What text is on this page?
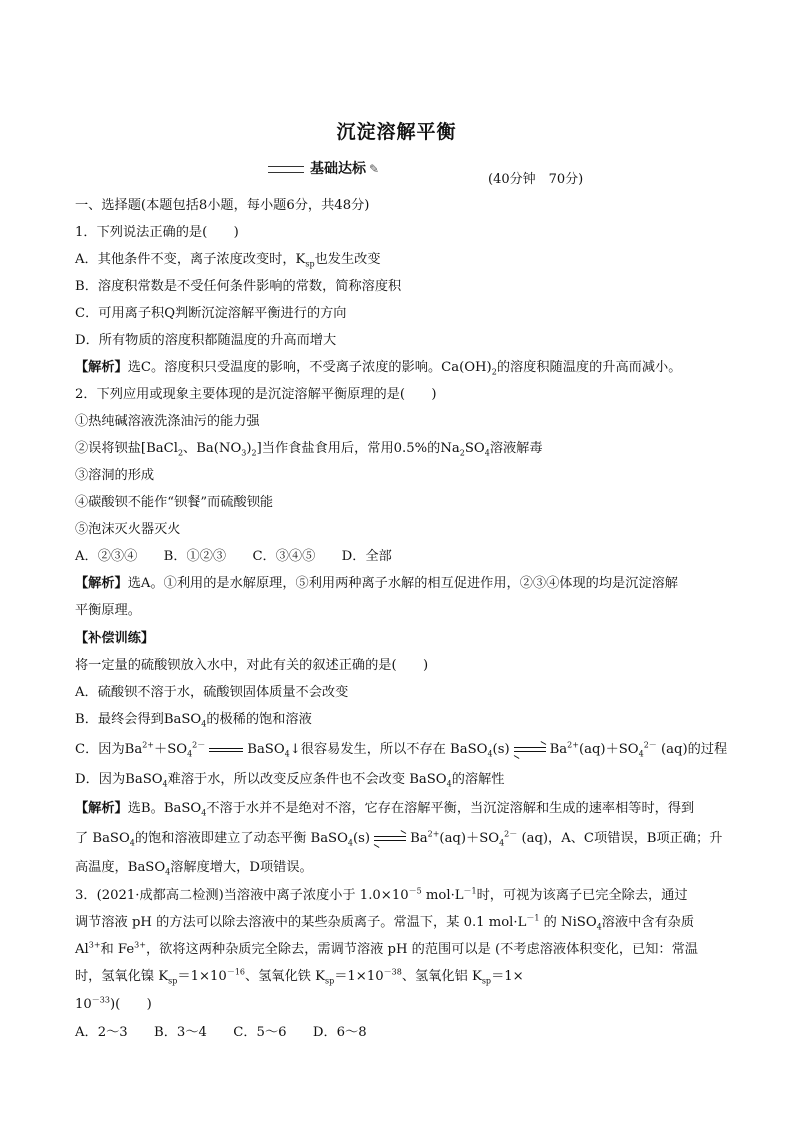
沉淀溶解平衡
基础达标 ✎
(40分钟　70分)
一、选择题(本题包括8小题，每小题6分，共48分)
1．下列说法正确的是(　　)
A．其他条件不变，离子浓度改变时，$K_{sp}$也发生改变
B．溶度积常数是不受任何条件影响的常数，简称溶度积
C．可用离子积Q判断沉淀溶解平衡进行的方向
D．所有物质的溶度积都随温度的升高而增大
【解析】选C。溶度积只受温度的影响，不受离子浓度的影响。$Ca(OH)_2$的溶度积随温度的升高而减小。
2．下列应用或现象主要体现的是沉淀溶解平衡原理的是(　　)
①热纯碱溶液洗涤油污的能力强
②误将钡盐[BaCl$_2$、$Ba(NO_3)_2$]当作食盐食用后，常用0.5%的$Na_2SO_4$溶液解毒
③溶洞的形成
④碳酸钡不能作“钡餐”而硫酸钡能
⑤泡沫灭火器灭火
A．②③④　　B．①②③　　C．③④⑤　　D．全部
【解析】选A。①利用的是水解原理，⑤利用两种离子水解的相互促进作用，②③④体现的均是沉淀溶解
平衡原理。
【补偿训练】
将一定量的硫酸钡放入水中，对此有关的叙述正确的是(　　)
A．硫酸钡不溶于水，硫酸钡固体质量不会改变
B．最终会得到BaSO$_4$的极稀的饱和溶液
C．因为$Ba^{2+}+SO_4^{2-}$	BaSO$_4$↓很容易发生，所以不存在 BaSO$_4$(s)	$Ba^{2+}(aq)+SO_4^{2-}$ (aq)的过程
D．因为BaSO$_4$难溶于水，所以改变反应条件也不会改变 BaSO$_4$的溶解性
【解析】选B。BaSO$_4$不溶于水并不是绝对不溶，它存在溶解平衡，当沉淀溶解和生成的速率相等时，得到
了 BaSO$_4$的饱和溶液即建立了动态平衡 BaSO$_4$(s)	$Ba^{2+}(aq)+SO_4^{2-}$ (aq)，A、C项错误，B项正确；升
高温度，BaSO$_4$溶解度增大，D项错误。
3．(2021·成都高二检测)当溶液中离子浓度小于 $1.0\times 10^{-5}$ $mol\cdot L^{-1}$时，可视为该离子已完全除去，通过
调节溶液 pH 的方法可以除去溶液中的某些杂质离子。常温下，某 0.1 $mol\cdot L^{-1}$ 的 NiSO$_4$溶液中含有杂质
$Al^{3+}$和 $Fe^{3+}$，欲将这两种杂质完全除去，需调节溶液 pH 的范围可以是 (不考虑溶液体积变化，已知：常温
时，氢氧化镍 $K_{sp}=1\times 10^{-16}$、氢氧化铁 $K_{sp}=1\times 10^{-38}$、氢氧化铝 $K_{sp}=1\times$
$10^{-33}$)(　　)
A．2～3　　B．3～4　　C．5～6　　D．6～8
